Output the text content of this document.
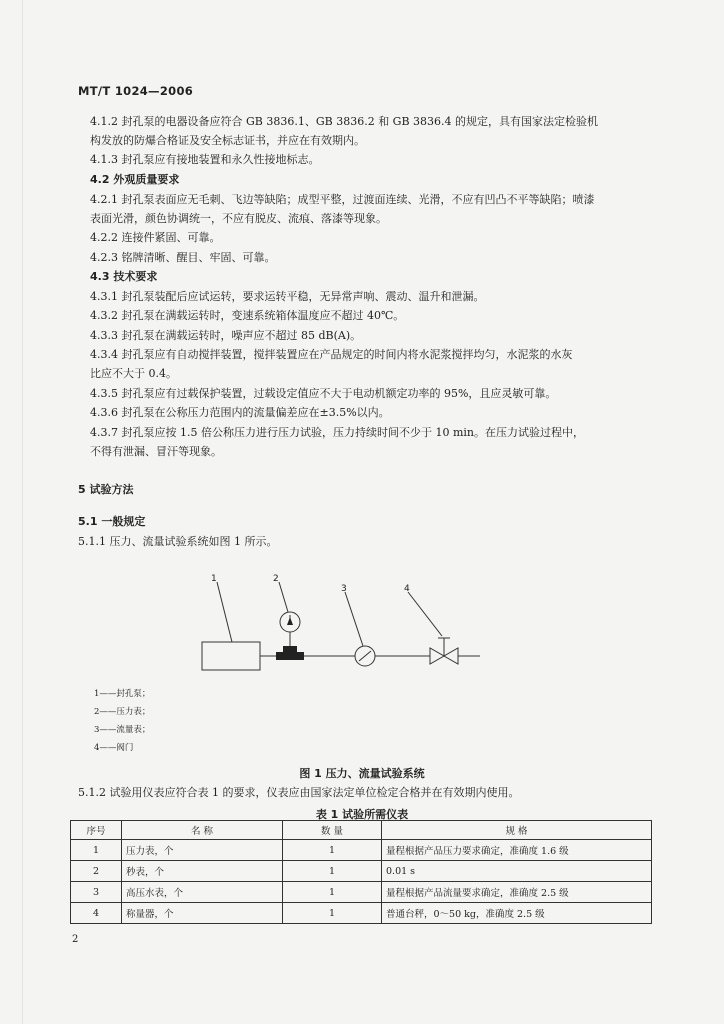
MT/T 1024—2006
4.1.2 封孔泵的电器设备应符合 GB 3836.1、GB 3836.2 和 GB 3836.4 的规定，具有国家法定检验机
构发放的防爆合格证及安全标志证书，并应在有效期内。
4.1.3 封孔泵应有接地装置和永久性接地标志。
4.2 外观质量要求
4.2.1 封孔泵表面应无毛刺、飞边等缺陷；成型平整，过渡面连续、光滑，不应有凹凸不平等缺陷；喷漆
表面光滑，颜色协调统一，不应有脱皮、流痕、落漆等现象。
4.2.2 连接件紧固、可靠。
4.2.3 铭牌清晰、醒目、牢固、可靠。
4.3 技术要求
4.3.1 封孔泵装配后应试运转，要求运转平稳，无异常声响、震动、温升和泄漏。
4.3.2 封孔泵在满载运转时，变速系统箱体温度应不超过 40℃。
4.3.3 封孔泵在满载运转时，噪声应不超过 85 dB(A)。
4.3.4 封孔泵应有自动搅拌装置，搅拌装置应在产品规定的时间内将水泥浆搅拌均匀，水泥浆的水灰
比应不大于 0.4。
4.3.5 封孔泵应有过载保护装置，过载设定值应不大于电动机额定功率的 95%，且应灵敏可靠。
4.3.6 封孔泵在公称压力范围内的流量偏差应在±3.5%以内。
4.3.7 封孔泵应按 1.5 倍公称压力进行压力试验，压力持续时间不少于 10 min。在压力试验过程中，
不得有泄漏、冒汗等现象。
5 试验方法
5.1 一般规定
5.1.1 压力、流量试验系统如图 1 所示。
1	2
3	4
1——封孔泵；
2——压力表；
3——流量表；
4——阀门
图 1 压力、流量试验系统
5.1.2 试验用仪表应符合表 1 的要求，仪表应由国家法定单位检定合格并在有效期内使用。
表 1 试验所需仪表
序号	名 称	数 量	规 格
1	压力表，个	1	量程根据产品压力要求确定，准确度 1.6 级
2	秒表，个	1	0.01 s
3	高压水表，个	1	量程根据产品流量要求确定，准确度 2.5 级
4	称量器，个	1	普通台秤，0～50 kg，准确度 2.5 级
2
